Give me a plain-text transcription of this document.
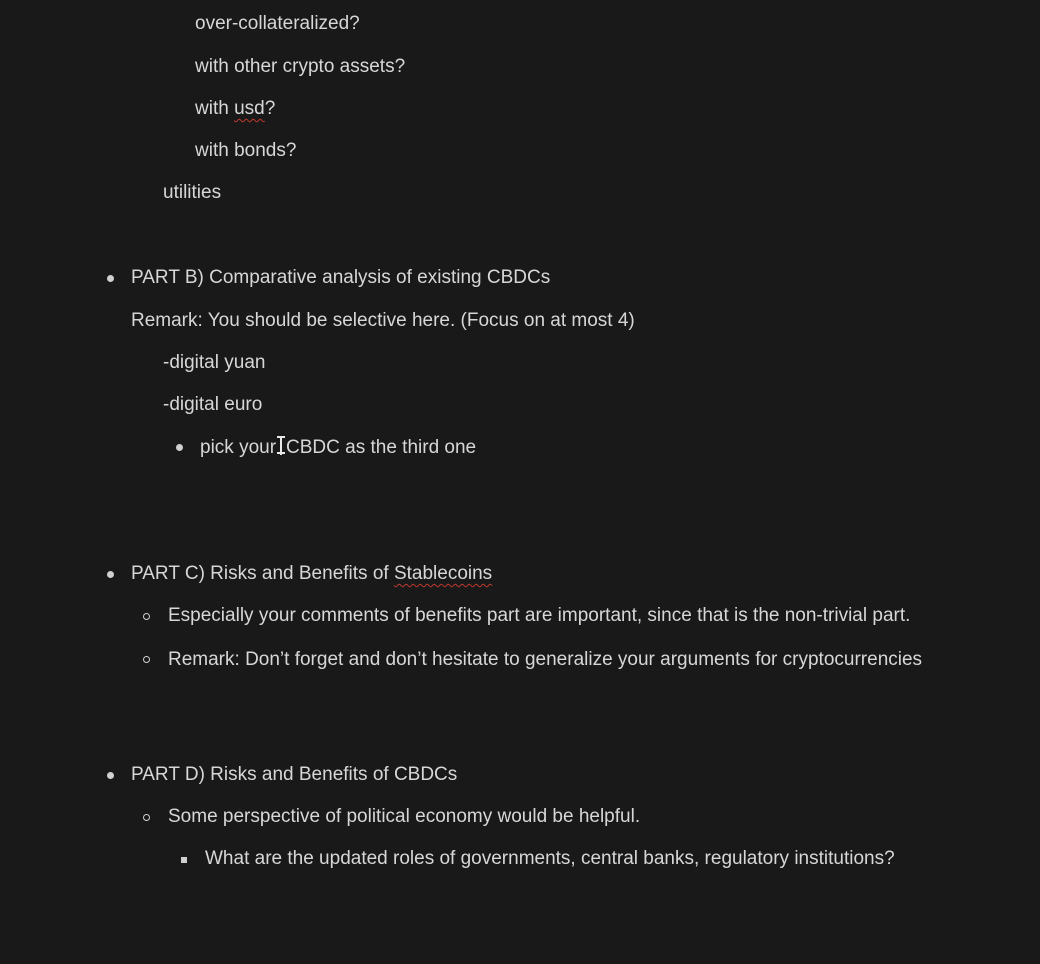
over-collateralized?
with other crypto assets?
with usd?
with bonds?
utilities
PART B) Comparative analysis of existing CBDCs
Remark: You should be selective here. (Focus on at most 4)
-digital yuan
-digital euro
pick your CBDC as the third one
PART C) Risks and Benefits of Stablecoins
Especially your comments of benefits part are important, since that is the non-trivial part.
Remark: Don’t forget and don’t hesitate to generalize your arguments for cryptocurrencies
PART D) Risks and Benefits of CBDCs
Some perspective of political economy would be helpful.
What are the updated roles of governments, central banks, regulatory institutions?
